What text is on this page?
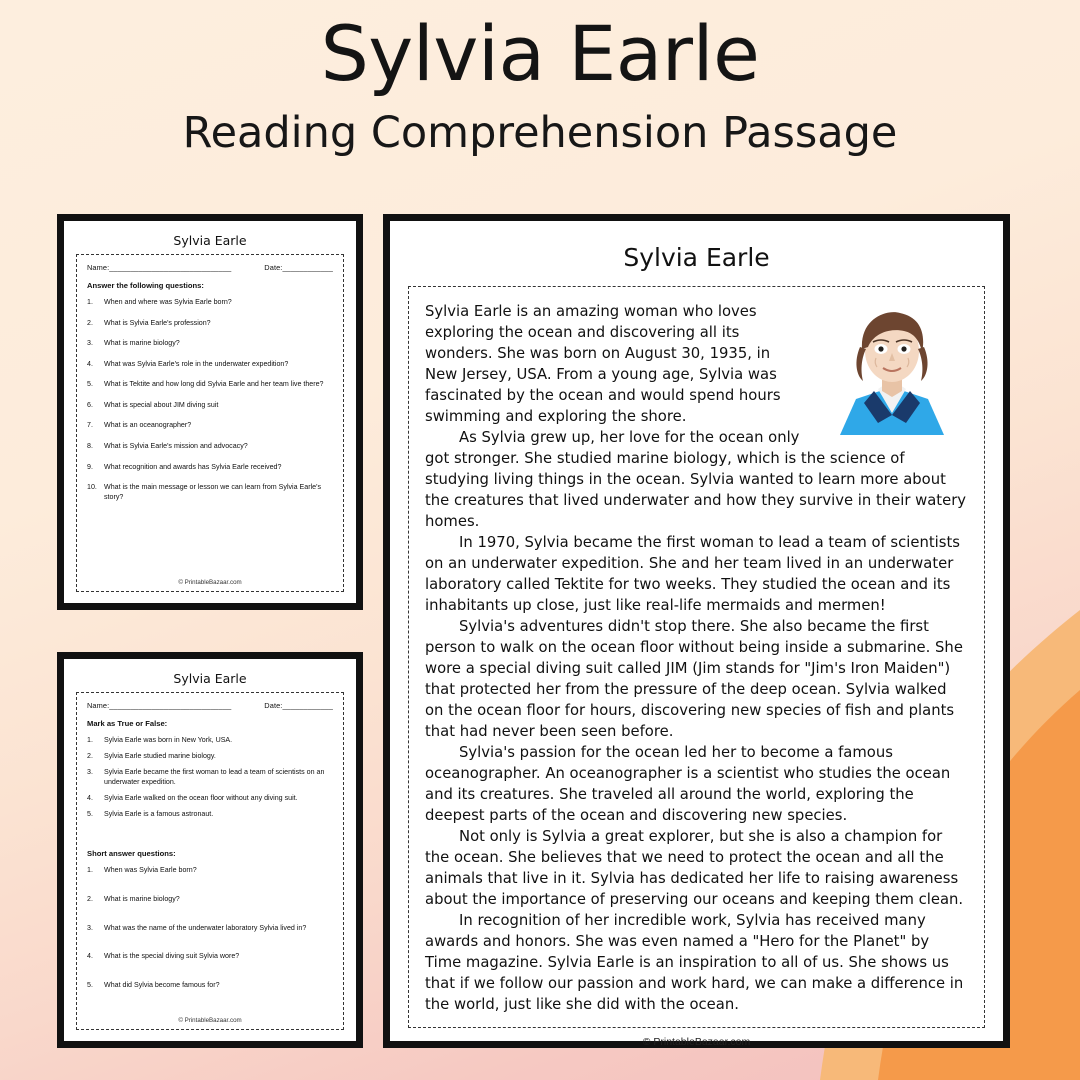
Sylvia Earle
Reading Comprehension Passage
Sylvia Earle
Name:_____________________________	Date:____________
Answer the following questions:
1.	When and where was Sylvia Earle born?
2.	What is Sylvia Earle's profession?
3.	What is marine biology?
4.	What was Sylvia Earle's role in the underwater expedition?
5.	What is Tektite and how long did Sylvia Earle and her team live there?
6.	What is special about JIM diving suit
7.	What is an oceanographer?
8.	What is Sylvia Earle's mission and advocacy?
9.	What recognition and awards has Sylvia Earle received?
10. What is the main message or lesson we can learn from Sylvia Earle's story?
© PrintableBazaar.com
Sylvia Earle
Name:_____________________________	Date:____________
Mark as True or False:
1.	Sylvia Earle was born in New York, USA.
2.	Sylvia Earle studied marine biology.
3.	Sylvia Earle became the first woman to lead a team of scientists on an underwater expedition.
4.	Sylvia Earle walked on the ocean floor without any diving suit.
5.	Sylvia Earle is a famous astronaut.
Short answer questions:
1.	When was Sylvia Earle born?
2.	What is marine biology?
3.	What was the name of the underwater laboratory Sylvia lived in?
4.	What is the special diving suit Sylvia wore?
5.	What did Sylvia become famous for?
© PrintableBazaar.com
Sylvia Earle

Sylvia Earle is an amazing woman who loves exploring the ocean and discovering all its wonders. She was born on August 30, 1935, in New Jersey, USA. From a young age, Sylvia was fascinated by the ocean and would spend hours swimming and exploring the shore.

As Sylvia grew up, her love for the ocean only got stronger. She studied marine biology, which is the science of studying living things in the ocean. Sylvia wanted to learn more about the creatures that lived underwater and how they survive in their watery homes.

In 1970, Sylvia became the first woman to lead a team of scientists on an underwater expedition. She and her team lived in an underwater laboratory called Tektite for two weeks. They studied the ocean and its inhabitants up close, just like real-life mermaids and mermen!

Sylvia's adventures didn't stop there. She also became the first person to walk on the ocean floor without being inside a submarine. She wore a special diving suit called JIM (Jim stands for "Jim's Iron Maiden") that protected her from the pressure of the deep ocean. Sylvia walked on the ocean floor for hours, discovering new species of fish and plants that had never been seen before.

Sylvia's passion for the ocean led her to become a famous oceanographer. An oceanographer is a scientist who studies the ocean and its creatures. She traveled all around the world, exploring the deepest parts of the ocean and discovering new species.

Not only is Sylvia a great explorer, but she is also a champion for the ocean. She believes that we need to protect the ocean and all the animals that live in it. Sylvia has dedicated her life to raising awareness about the importance of preserving our oceans and keeping them clean.

In recognition of her incredible work, Sylvia has received many awards and honors. She was even named a "Hero for the Planet" by Time magazine. Sylvia Earle is an inspiration to all of us. She shows us that if we follow our passion and work hard, we can make a difference in the world, just like she did with the ocean.

© PrintableBazaar.com
